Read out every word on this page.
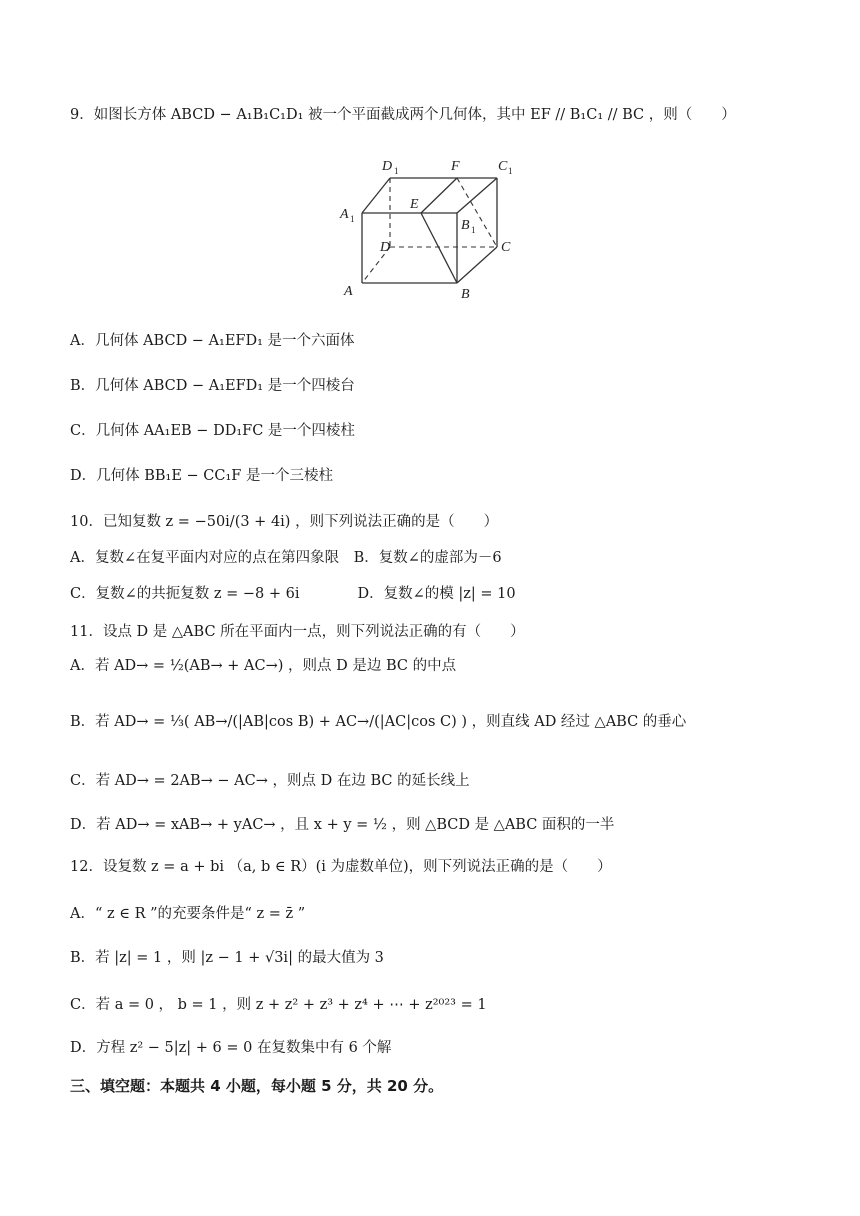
9．如图长方体 ABCD − A₁B₁C₁D₁ 被一个平面截成两个几何体，其中 EF // B₁C₁ // BC ，则（　　）
D 1	F	C 1
A 1
E
B 1
D	C
A	B
A．几何体 ABCD − A₁EFD₁ 是一个六面体
B．几何体 ABCD − A₁EFD₁ 是一个四棱台
C．几何体 AA₁EB − DD₁FC 是一个四棱柱
D．几何体 BB₁E − CC₁F 是一个三棱柱
10．已知复数 z = −50i/(3 + 4i) ，则下列说法正确的是（　　）
A．复数∠在复平面内对应的点在第四象限　B．复数∠的虚部为－6
C．复数∠的共扼复数 z = −8 + 6i　　　　D．复数∠的模 |z| = 10
11．设点 D 是 △ABC 所在平面内一点，则下列说法正确的有（　　）
A．若 AD→ = ½(AB→ + AC→) ，则点 D 是边 BC 的中点
B．若 AD→ = ⅓( AB→/(|AB|cos B) + AC→/(|AC|cos C) ) ，则直线 AD 经过 △ABC 的垂心
C．若 AD→ = 2AB→ − AC→ ，则点 D 在边 BC 的延长线上
D．若 AD→ = xAB→ + yAC→ ，且 x + y = ½ ，则 △BCD 是 △ABC 面积的一半
12．设复数 z = a + bi （a, b ∈ R）(i 为虚数单位)，则下列说法正确的是（　　）
A．“ z ∈ R ”的充要条件是“ z = z̄ ”
B．若 |z| = 1 ，则 |z − 1 + √3i| 的最大值为 3
C．若 a = 0 ， b = 1 ，则 z + z² + z³ + z⁴ + ⋯ + z²⁰²³ = 1
D．方程 z² − 5|z| + 6 = 0 在复数集中有 6 个解
三、填空题：本题共 4 小题，每小题 5 分，共 20 分。
